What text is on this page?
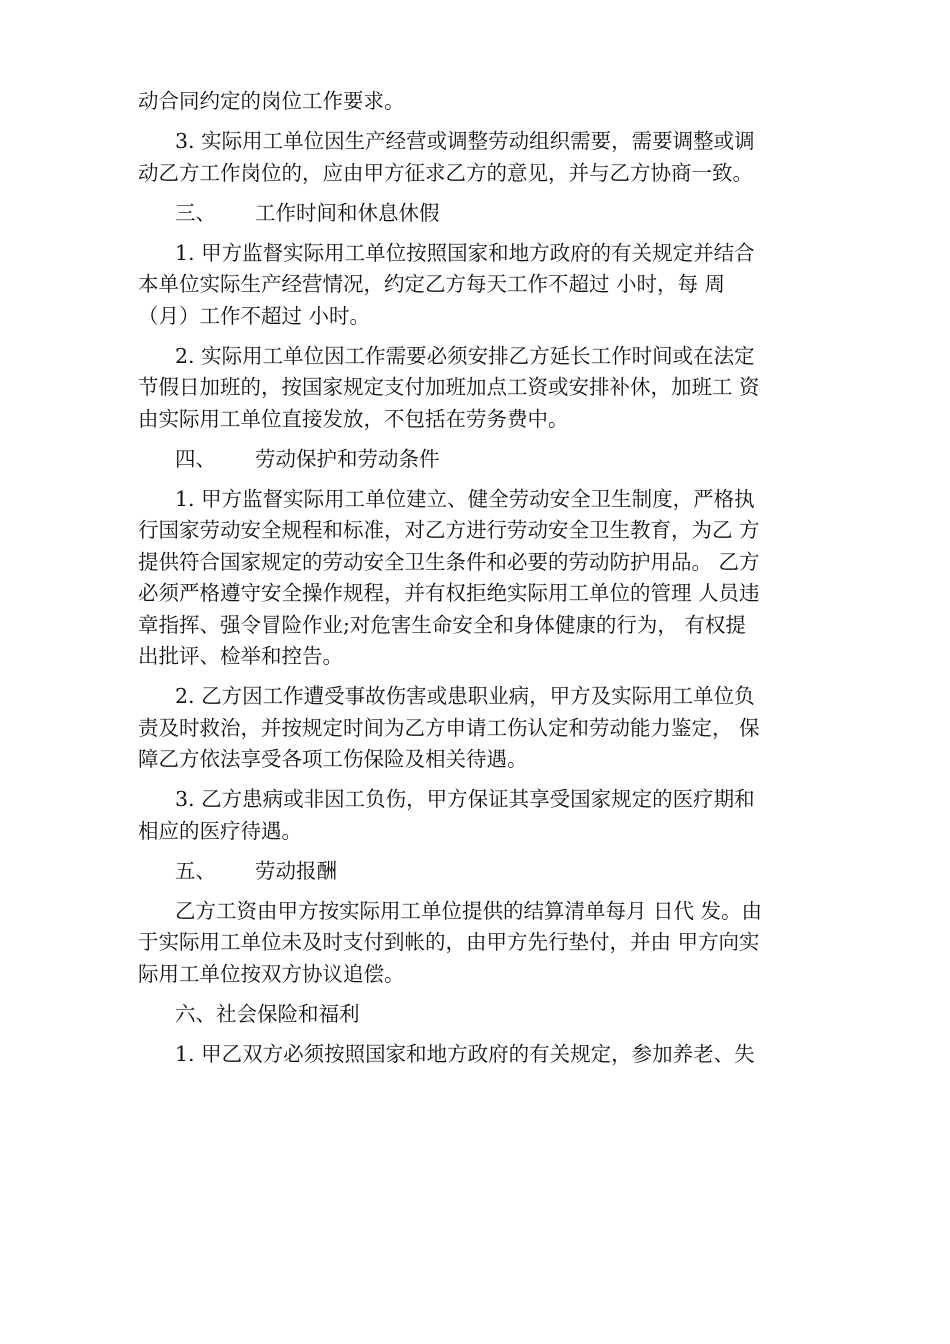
动合同约定的岗位工作要求。

3. 实际用工单位因生产经营或调整劳动组织需要，需要调整或调
动乙方工作岗位的，应由甲方征求乙方的意见，并与乙方协商一致。

三、 工作时间和休息休假

1. 甲方监督实际用工单位按照国家和地方政府的有关规定并结合
本单位实际生产经营情况，约定乙方每天工作不超过 小时，每 周
（月）工作不超过 小时。

2. 实际用工单位因工作需要必须安排乙方延长工作时间或在法定
节假日加班的，按国家规定支付加班加点工资或安排补休，加班工 资
由实际用工单位直接发放，不包括在劳务费中。

四、 劳动保护和劳动条件

1. 甲方监督实际用工单位建立、健全劳动安全卫生制度，严格执
行国家劳动安全规程和标准，对乙方进行劳动安全卫生教育，为乙 方
提供符合国家规定的劳动安全卫生条件和必要的劳动防护用品。 乙方
必须严格遵守安全操作规程，并有权拒绝实际用工单位的管理 人员违
章指挥、强令冒险作业;对危害生命安全和身体健康的行为， 有权提
出批评、检举和控告。

2. 乙方因工作遭受事故伤害或患职业病，甲方及实际用工单位负
责及时救治，并按规定时间为乙方申请工伤认定和劳动能力鉴定， 保
障乙方依法享受各项工伤保险及相关待遇。

3. 乙方患病或非因工负伤，甲方保证其享受国家规定的医疗期和
相应的医疗待遇。

五、 劳动报酬

乙方工资由甲方按实际用工单位提供的结算清单每月 日代 发。由
于实际用工单位未及时支付到帐的，由甲方先行垫付，并由 甲方向实
际用工单位按双方协议追偿。

六、社会保险和福利

1. 甲乙双方必须按照国家和地方政府的有关规定，参加养老、失
